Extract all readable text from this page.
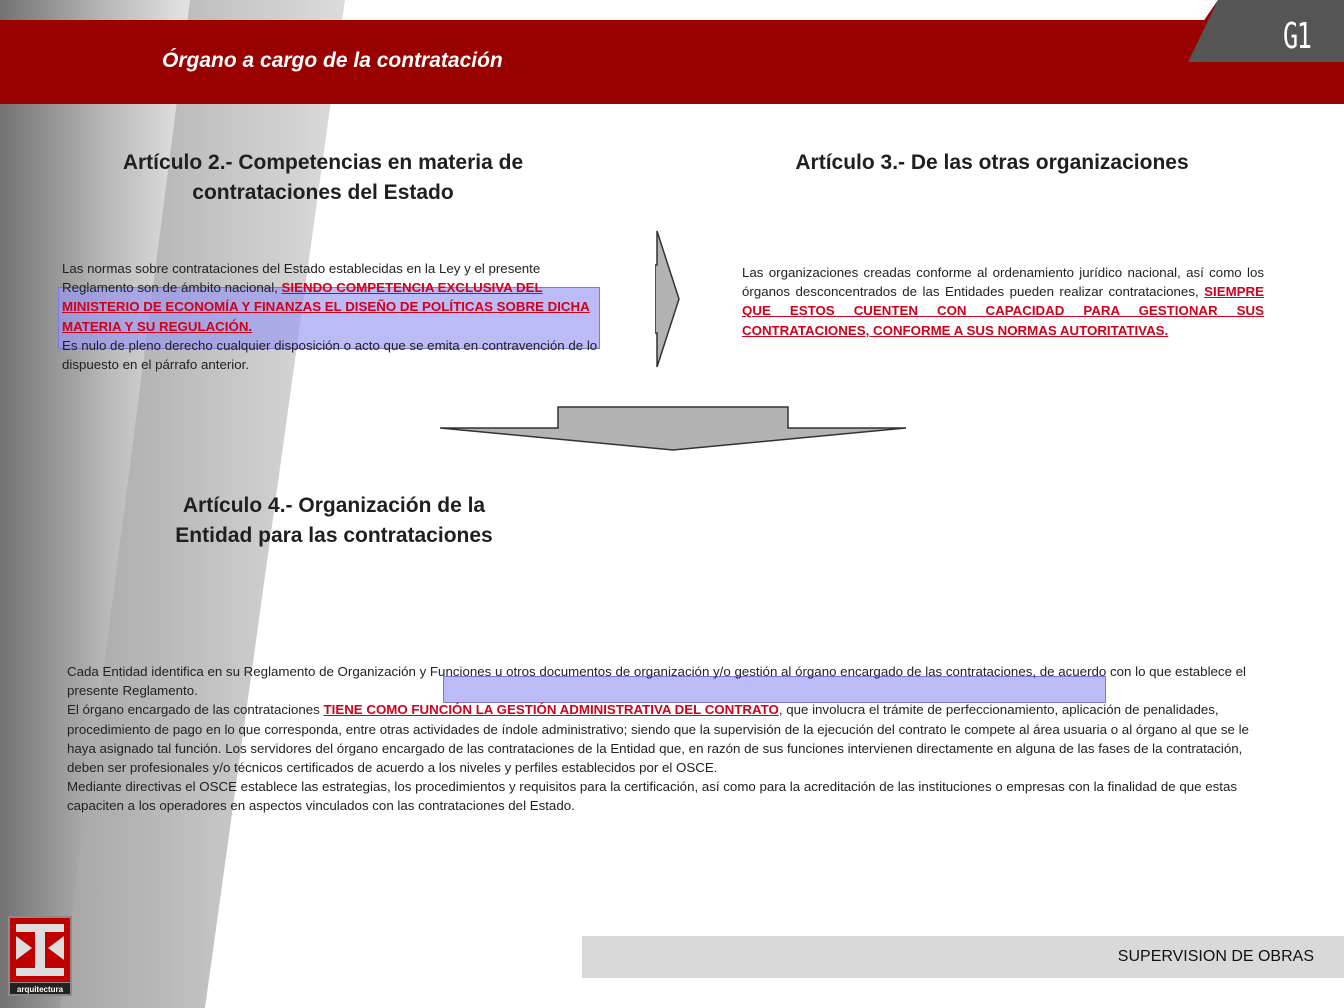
Órgano a cargo de la contratación
G1
Artículo 2.- Competencias en materia de contrataciones del Estado

Las normas sobre contrataciones del Estado establecidas en la Ley y el presente Reglamento son de ámbito nacional, SIENDO COMPETENCIA EXCLUSIVA DEL MINISTERIO DE ECONOMÍA Y FINANZAS EL DISEÑO DE POLÍTICAS SOBRE DICHA MATERIA Y SU REGULACIÓN.

Es nulo de pleno derecho cualquier disposición o acto que se emita en contravención de lo dispuesto en el párrafo anterior.

Artículo 3.- De las otras organizaciones

Las organizaciones creadas conforme al ordenamiento jurídico nacional, así como los órganos desconcentrados de las Entidades pueden realizar contrataciones, SIEMPRE QUE ESTOS CUENTEN CON CAPACIDAD PARA GESTIONAR SUS CONTRATACIONES, CONFORME A SUS NORMAS AUTORITATIVAS.

Artículo 4.- Organización de la Entidad para las contrataciones

Cada Entidad identifica en su Reglamento de Organización y Funciones u otros documentos de organización y/o gestión al órgano encargado de las contrataciones, de acuerdo con lo que establece el presente Reglamento.

El órgano encargado de las contrataciones TIENE COMO FUNCIÓN LA GESTIÓN ADMINISTRATIVA DEL CONTRATO, que involucra el trámite de perfeccionamiento, aplicación de penalidades, procedimiento de pago en lo que corresponda, entre otras actividades de índole administrativo; siendo que la supervisión de la ejecución del contrato le compete al área usuaria o al órgano al que se le haya asignado tal función. Los servidores del órgano encargado de las contrataciones de la Entidad que, en razón de sus funciones intervienen directamente en alguna de las fases de la contratación, deben ser profesionales y/o técnicos certificados de acuerdo a los niveles y perfiles establecidos por el OSCE.

Mediante directivas el OSCE establece las estrategias, los procedimientos y requisitos para la certificación, así como para la acreditación de las instituciones o empresas con la finalidad de que estas capaciten a los operadores en aspectos vinculados con las contrataciones del Estado.

SUPERVISION DE OBRAS
arquitectura
